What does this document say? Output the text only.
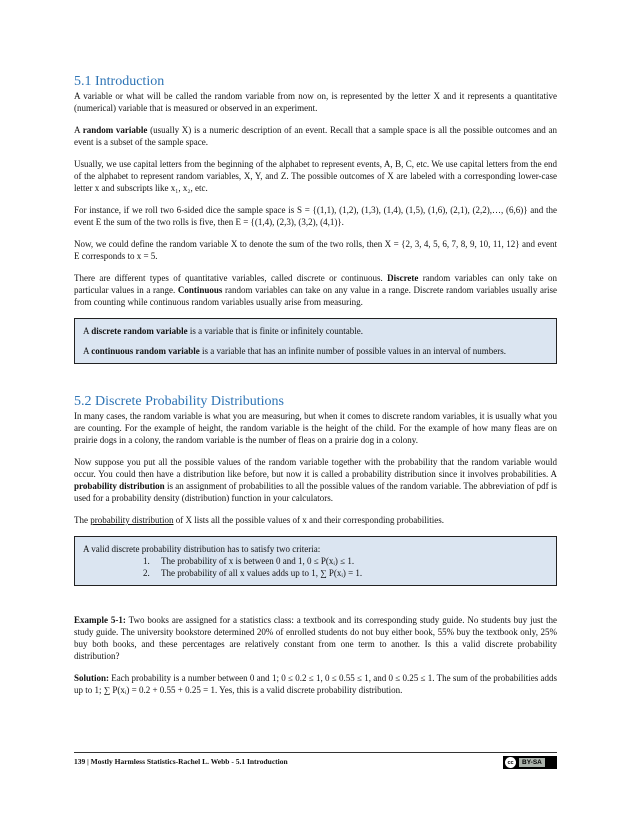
5.1 Introduction

A variable or what will be called the random variable from now on, is represented by the letter X and it represents a quantitative (numerical) variable that is measured or observed in an experiment.

A random variable (usually X) is a numeric description of an event. Recall that a sample space is all the possible outcomes and an event is a subset of the sample space.

Usually, we use capital letters from the beginning of the alphabet to represent events, A, B, C, etc. We use capital letters from the end of the alphabet to represent random variables, X, Y, and Z. The possible outcomes of X are labeled with a corresponding lower-case letter x and subscripts like x₁, x₂, etc.

For instance, if we roll two 6-sided dice the sample space is S = {(1,1), (1,2), (1,3), (1,4), (1,5), (1,6), (2,1), (2,2),…, (6,6)} and the event E the sum of the two rolls is five, then E = {(1,4), (2,3), (3,2), (4,1)}.

Now, we could define the random variable X to denote the sum of the two rolls, then X = {2, 3, 4, 5, 6, 7, 8, 9, 10, 11, 12} and event E corresponds to x = 5.

There are different types of quantitative variables, called discrete or continuous. Discrete random variables can only take on particular values in a range. Continuous random variables can take on any value in a range. Discrete random variables usually arise from counting while continuous random variables usually arise from measuring.

A discrete random variable is a variable that is finite or infinitely countable.

A continuous random variable is a variable that has an infinite number of possible values in an interval of numbers.

5.2 Discrete Probability Distributions

In many cases, the random variable is what you are measuring, but when it comes to discrete random variables, it is usually what you are counting. For the example of height, the random variable is the height of the child. For the example of how many fleas are on prairie dogs in a colony, the random variable is the number of fleas on a prairie dog in a colony.

Now suppose you put all the possible values of the random variable together with the probability that the random variable would occur. You could then have a distribution like before, but now it is called a probability distribution since it involves probabilities. A probability distribution is an assignment of probabilities to all the possible values of the random variable. The abbreviation of pdf is used for a probability density (distribution) function in your calculators.

The probability distribution of X lists all the possible values of x and their corresponding probabilities.

A valid discrete probability distribution has to satisfy two criteria:

1. The probability of x is between 0 and 1, 0 ≤ P(xᵢ) ≤ 1.
2. The probability of all x values adds up to 1, ∑ P(xᵢ) = 1.

Example 5-1: Two books are assigned for a statistics class: a textbook and its corresponding study guide. No students buy just the study guide. The university bookstore determined 20% of enrolled students do not buy either book, 55% buy the textbook only, 25% buy both books, and these percentages are relatively constant from one term to another. Is this a valid discrete probability distribution?

Solution: Each probability is a number between 0 and 1; 0 ≤ 0.2 ≤ 1, 0 ≤ 0.55 ≤ 1, and 0 ≤ 0.25 ≤ 1. The sum of the probabilities adds up to 1; ∑ P(xᵢ) = 0.2 + 0.55 + 0.25 = 1. Yes, this is a valid discrete probability distribution.

139 | Mostly Harmless Statistics-Rachel L. Webb - 5.1 Introduction	cc	BY-SA
